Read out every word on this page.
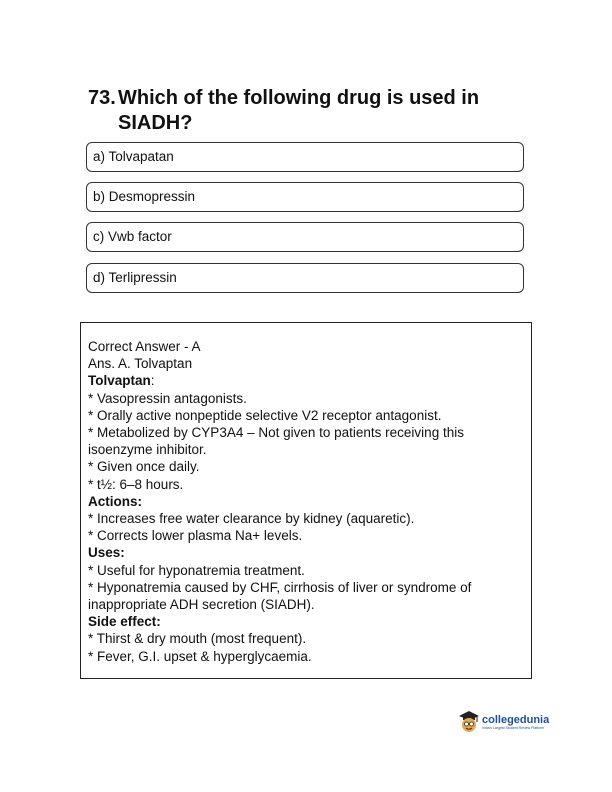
73. Which of the following drug is used in SIADH?
a) Tolvapatan
b) Desmopressin
c) Vwb factor
d) Terlipressin
Correct Answer - A
Ans. A. Tolvaptan
Tolvaptan:
* Vasopressin antagonists.
* Orally active nonpeptide selective V2 receptor antagonist.
* Metabolized by CYP3A4 – Not given to patients receiving this isoenzyme inhibitor.
* Given once daily.
* t½: 6–8 hours.
Actions:
* Increases free water clearance by kidney (aquaretic).
* Corrects lower plasma Na+ levels.
Uses:
* Useful for hyponatremia treatment.
* Hyponatremia caused by CHF, cirrhosis of liver or syndrome of inappropriate ADH secretion (SIADH).
Side effect:
* Thirst & dry mouth (most frequent).
* Fever, G.I. upset & hyperglycaemia.
collegedunia
India's Largest Student Review Platform
